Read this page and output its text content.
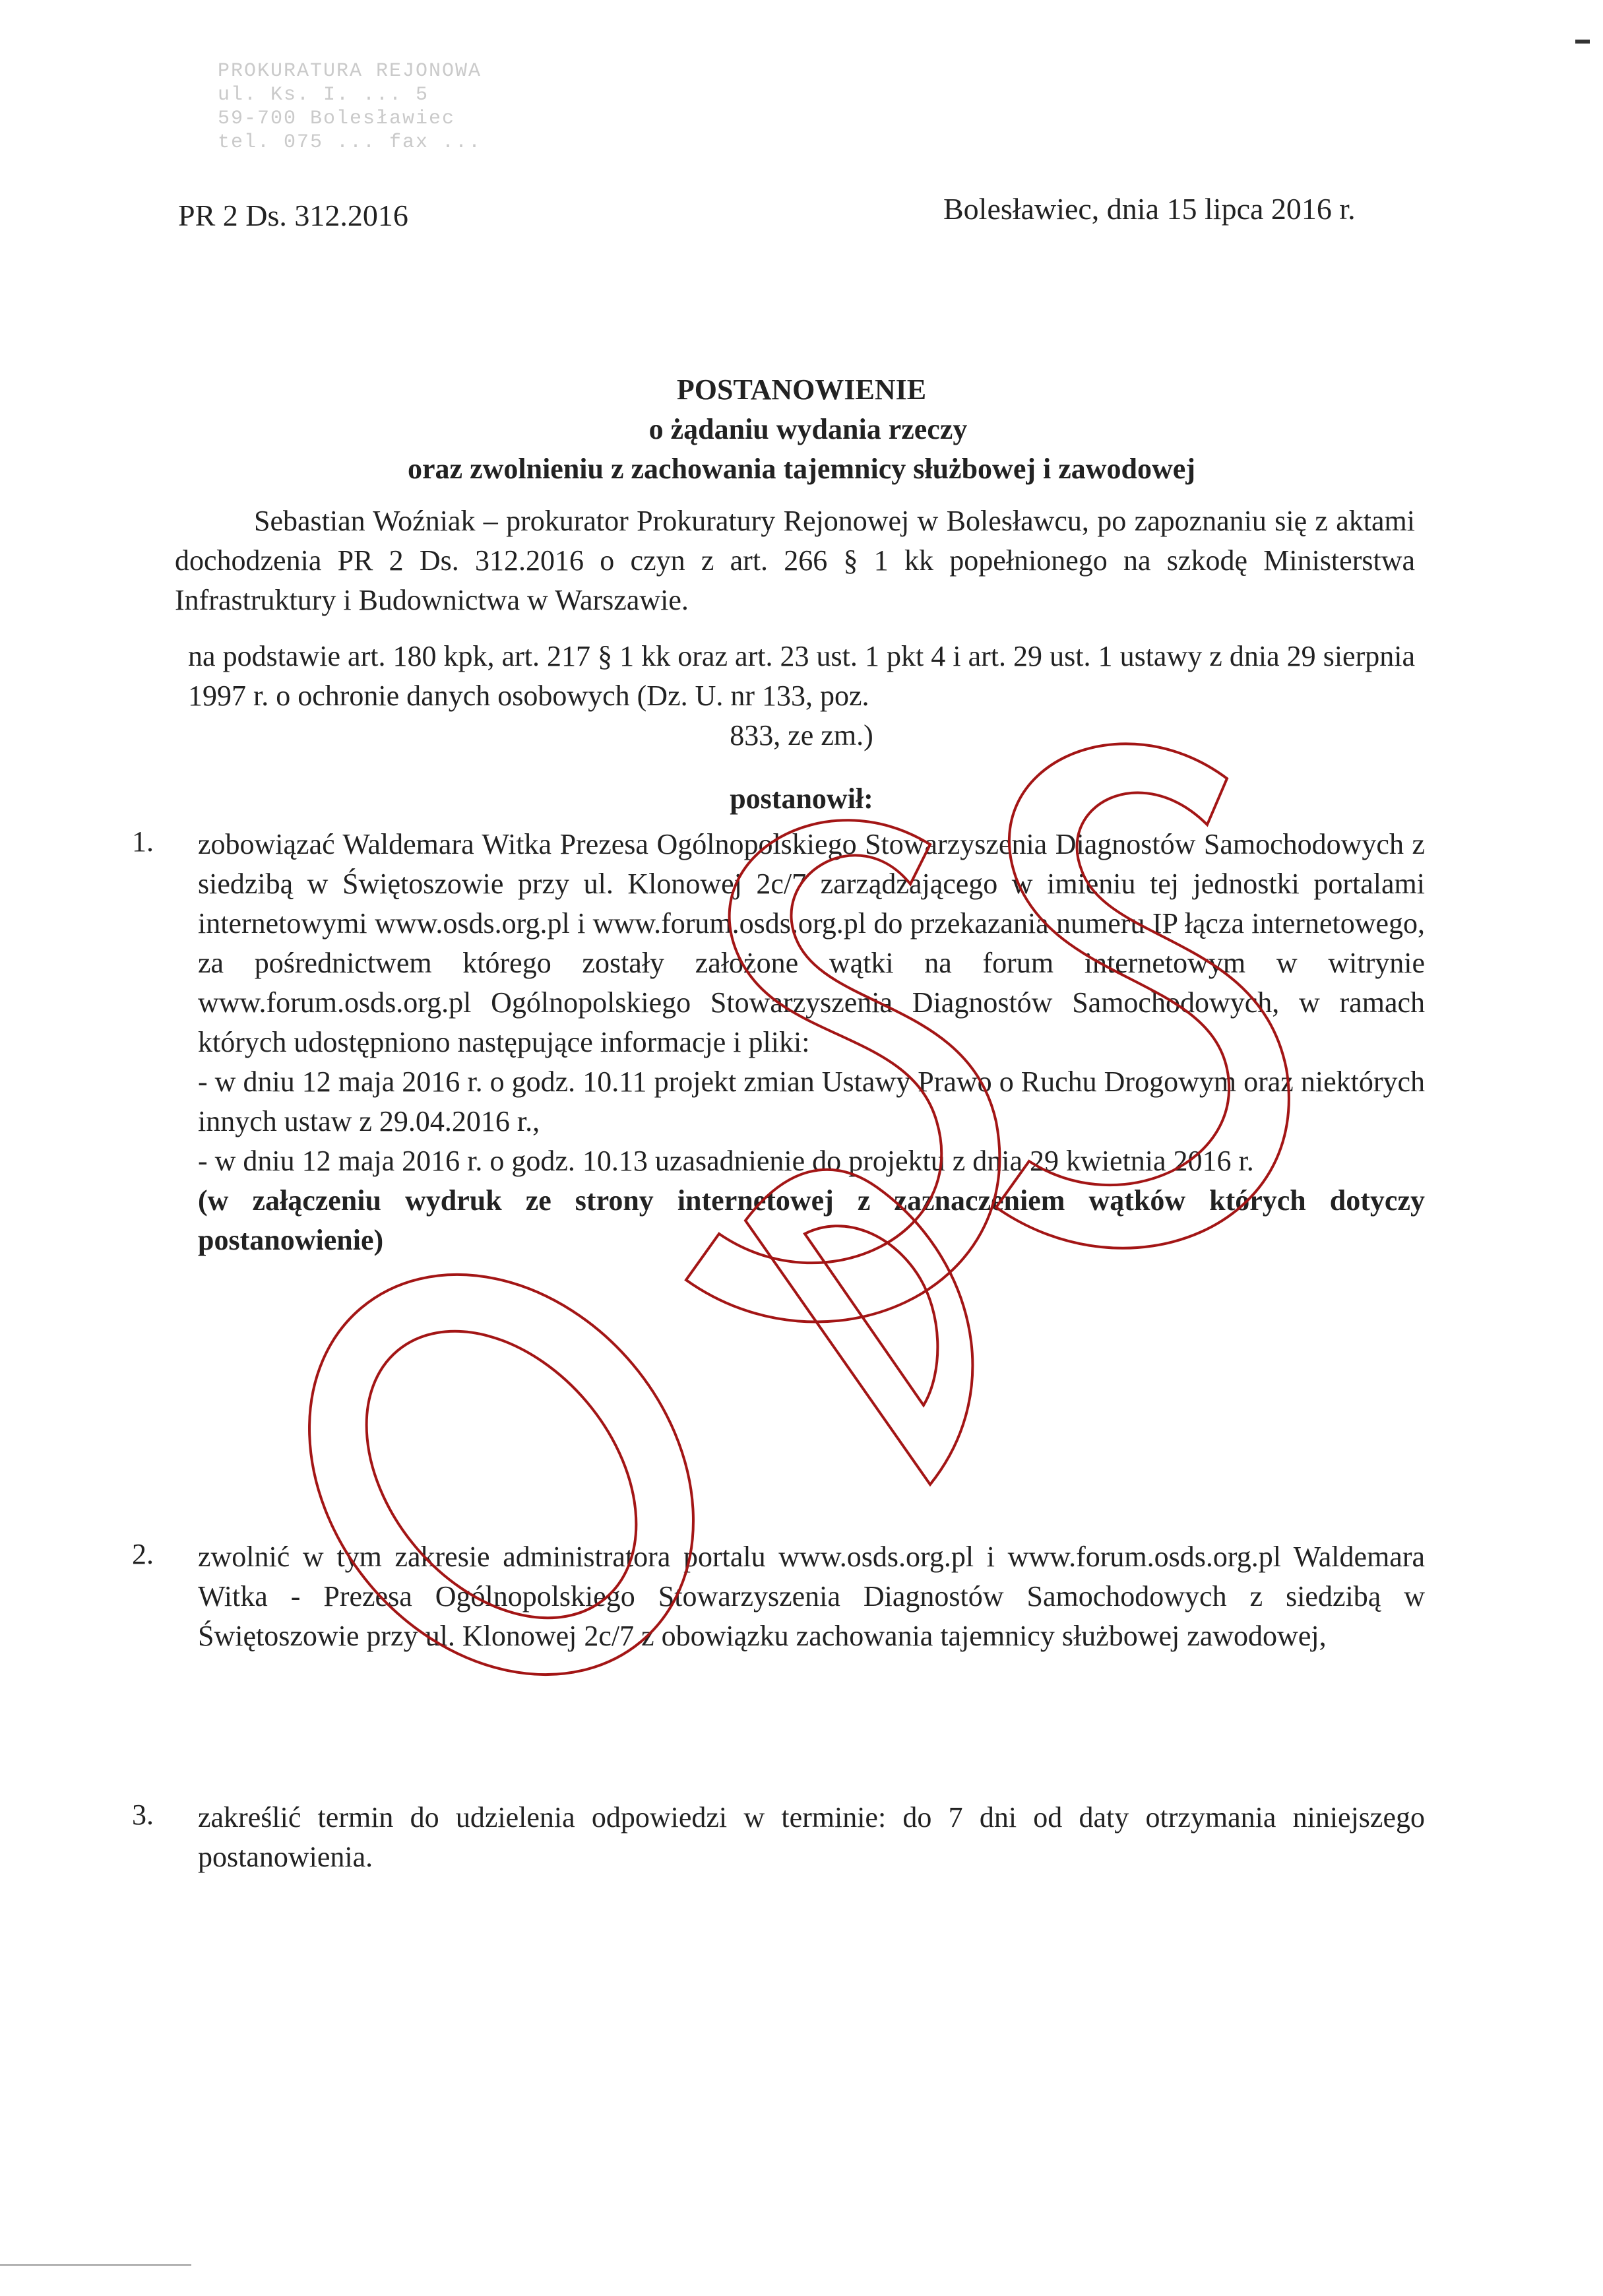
PROKURATURA REJONOWA
ul. Ks. I. ... 5
59-700 Bolesławiec
tel. 075 ... fax ...
PR 2 Ds. 312.2016	Bolesławiec, dnia 15 lipca 2016 r.
POSTANOWIENIE
o żądaniu wydania rzeczy
oraz zwolnieniu z zachowania tajemnicy służbowej i zawodowej
Sebastian Woźniak – prokurator Prokuratury Rejonowej w Bolesławcu, po zapoznaniu się z aktami dochodzenia PR 2 Ds. 312.2016 o czyn z art. 266 § 1 kk popełnionego na szkodę Ministerstwa Infrastruktury i Budownictwa w Warszawie.
na podstawie art. 180 kpk, art. 217 § 1 kk oraz art. 23 ust. 1 pkt 4 i art. 29 ust. 1 ustawy z dnia 29 sierpnia 1997 r. o ochronie danych osobowych (Dz. U. nr 133, poz.
833, ze zm.)
postanowił:
1. zobowiązać Waldemara Witka Prezesa Ogólnopolskiego Stowarzyszenia Diagnostów Samochodowych z siedzibą w Świętoszowie przy ul. Klonowej 2c/7 zarządzającego w imieniu tej jednostki portalami internetowymi www.osds.org.pl i www.forum.osds.org.pl do przekazania numeru IP łącza internetowego, za pośrednictwem którego zostały założone wątki na forum internetowym w witrynie www.forum.osds.org.pl Ogólnopolskiego Stowarzyszenia Diagnostów Samochodowych, w ramach których udostępniono następujące informacje i pliki:
- w dniu 12 maja 2016 r. o godz. 10.11 projekt zmian Ustawy Prawo o Ruchu Drogowym oraz niektórych innych ustaw z 29.04.2016 r.,
- w dniu 12 maja 2016 r. o godz. 10.13 uzasadnienie do projektu z dnia 29 kwietnia 2016 r.
(w załączeniu wydruk ze strony internetowej z zaznaczeniem wątków których dotyczy postanowienie)
2. zwolnić w tym zakresie administratora portalu www.osds.org.pl i www.forum.osds.org.pl Waldemara Witka - Prezesa Ogólnopolskiego Stowarzyszenia Diagnostów Samochodowych z siedzibą w Świętoszowie przy ul. Klonowej 2c/7 z obowiązku zachowania tajemnicy służbowej zawodowej,
3. zakreślić termin do udzielenia odpowiedzi w terminie: do 7 dni od daty otrzymania niniejszego postanowienia.
